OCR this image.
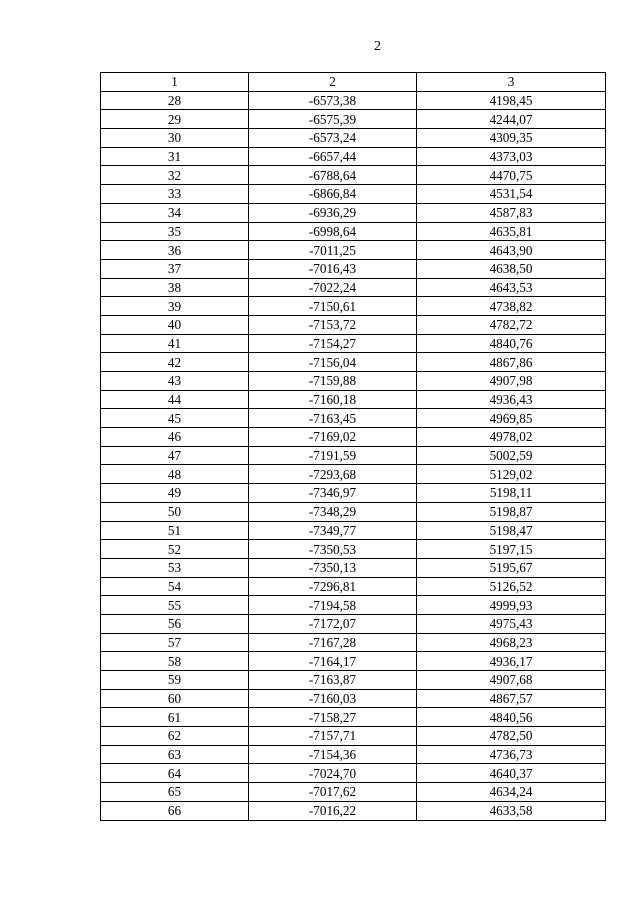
2
1	2	3
28	-6573,38	4198,45
29	-6575,39	4244,07
30	-6573,24	4309,35
31	-6657,44	4373,03
32	-6788,64	4470,75
33	-6866,84	4531,54
34	-6936,29	4587,83
35	-6998,64	4635,81
36	-7011,25	4643,90
37	-7016,43	4638,50
38	-7022,24	4643,53
39	-7150,61	4738,82
40	-7153,72	4782,72
41	-7154,27	4840,76
42	-7156,04	4867,86
43	-7159,88	4907,98
44	-7160,18	4936,43
45	-7163,45	4969,85
46	-7169,02	4978,02
47	-7191,59	5002,59
48	-7293,68	5129,02
49	-7346,97	5198,11
50	-7348,29	5198,87
51	-7349,77	5198,47
52	-7350,53	5197,15
53	-7350,13	5195,67
54	-7296,81	5126,52
55	-7194,58	4999,93
56	-7172,07	4975,43
57	-7167,28	4968,23
58	-7164,17	4936,17
59	-7163,87	4907,68
60	-7160,03	4867,57
61	-7158,27	4840,56
62	-7157,71	4782,50
63	-7154,36	4736,73
64	-7024,70	4640,37
65	-7017,62	4634,24
66	-7016,22	4633,58
